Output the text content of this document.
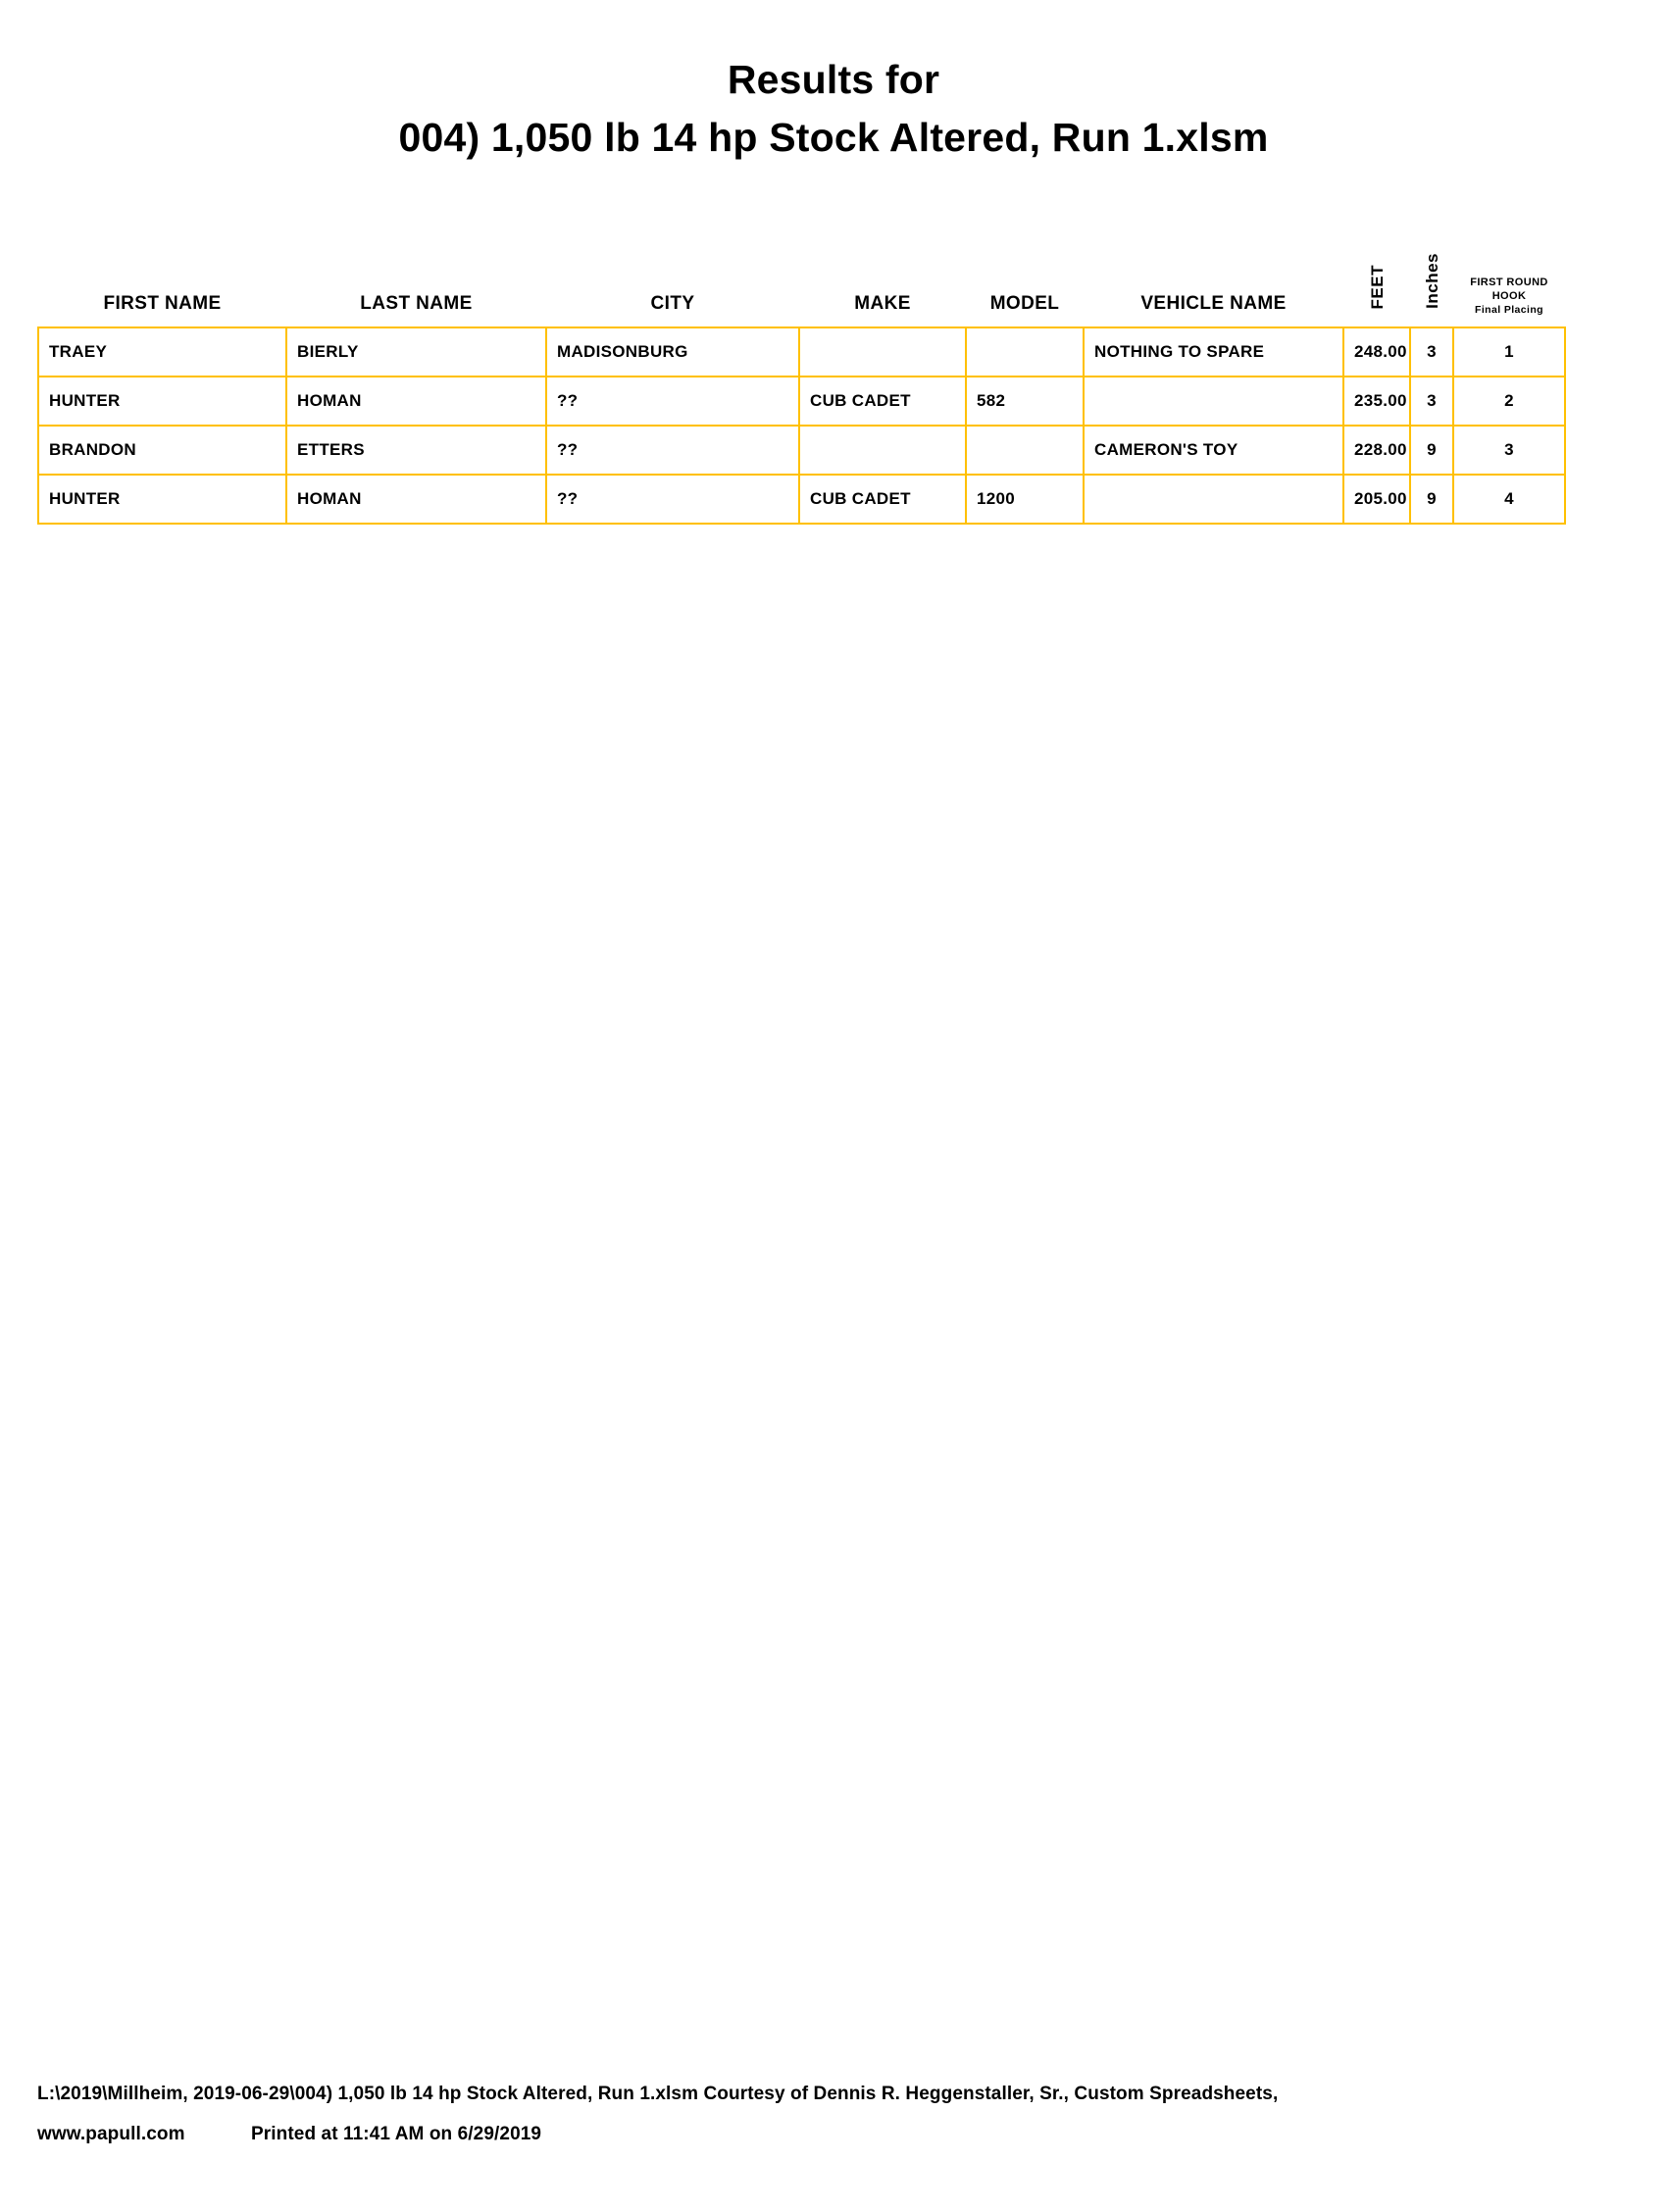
Results for
004) 1,050 lb 14 hp Stock Altered, Run 1.xlsm
FIRST NAME	LAST NAME	CITY	MAKE	MODEL	VEHICLE NAME	FEET	Inches	FIRST ROUND
HOOK
Final Placing

TRAEY	BIERLY	MADISONBURG			NOTHING TO SPARE	248.00	3	1
HUNTER	HOMAN	??	CUB CADET	582		235.00	3	2
BRANDON	ETTERS	??			CAMERON'S TOY	228.00	9	3
HUNTER	HOMAN	??	CUB CADET	1200		205.00	9	4
L:\2019\Millheim, 2019-06-29\004) 1,050 lb 14 hp Stock Altered, Run 1.xlsm Courtesy of Dennis R. Heggenstaller, Sr., Custom Spreadsheets,
www.papull.com	Printed at 11:41 AM on 6/29/2019
